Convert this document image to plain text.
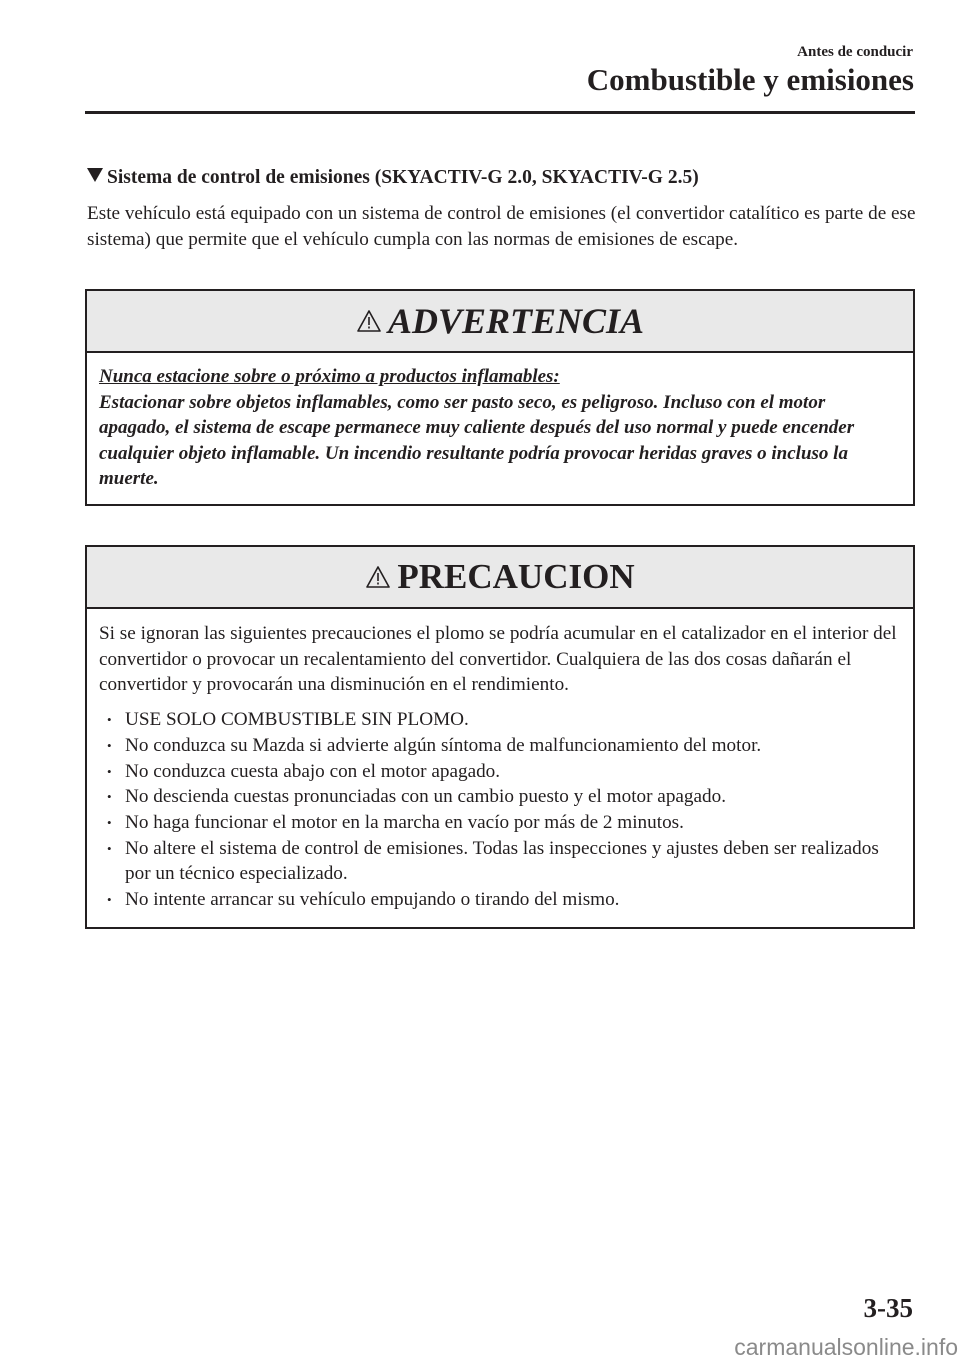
Antes de conducir
Combustible y emisiones
Sistema de control de emisiones (SKYACTIV-G 2.0, SKYACTIV-G 2.5)
Este vehículo está equipado con un sistema de control de emisiones (el convertidor catalítico es parte de ese sistema) que permite que el vehículo cumpla con las normas de emisiones de escape.
ADVERTENCIA
Nunca estacione sobre o próximo a productos inflamables:
Estacionar sobre objetos inflamables, como ser pasto seco, es peligroso. Incluso con el motor apagado, el sistema de escape permanece muy caliente después del uso normal y puede encender cualquier objeto inflamable. Un incendio resultante podría provocar heridas graves o incluso la muerte.
PRECAUCION
Si se ignoran las siguientes precauciones el plomo se podría acumular en el catalizador en el interior del convertidor o provocar un recalentamiento del convertidor. Cualquiera de las dos cosas dañarán el convertidor y provocarán una disminución en el rendimiento.
• USE SOLO COMBUSTIBLE SIN PLOMO.
• No conduzca su Mazda si advierte algún síntoma de malfuncionamiento del motor.
• No conduzca cuesta abajo con el motor apagado.
• No descienda cuestas pronunciadas con un cambio puesto y el motor apagado.
• No haga funcionar el motor en la marcha en vacío por más de 2 minutos.
• No altere el sistema de control de emisiones. Todas las inspecciones y ajustes deben ser realizados por un técnico especializado.
• No intente arrancar su vehículo empujando o tirando del mismo.
3-35
carmanualsonline.info
